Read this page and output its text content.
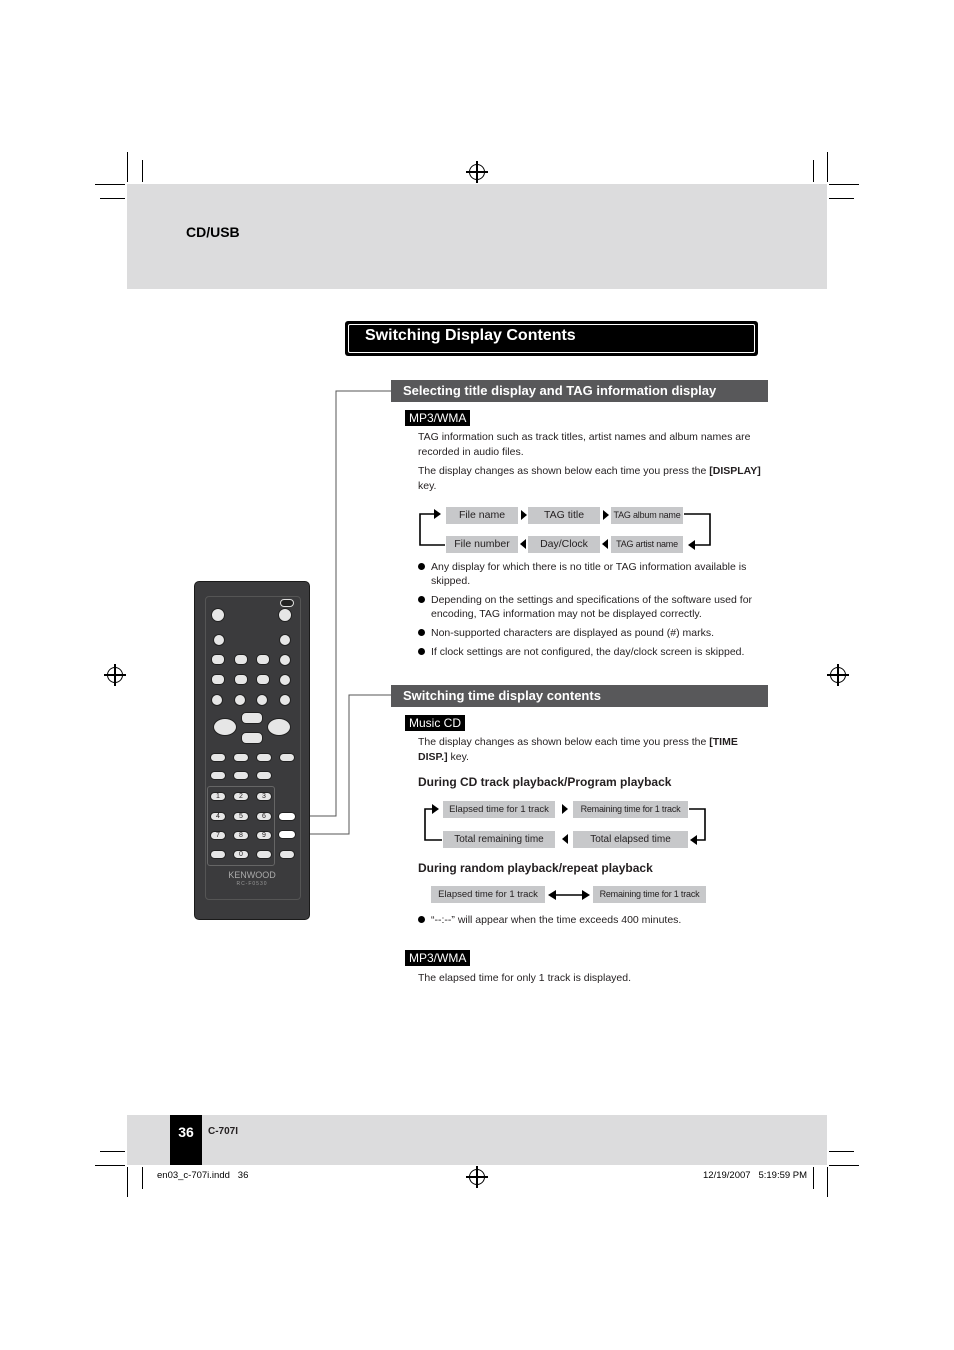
CD/USB
Switching Display Contents
Selecting title display and TAG information display
MP3/WMA
TAG information such as track titles, artist names and album names are recorded in audio files.
The display changes as shown below each time you press the [DISPLAY] key.
File name	TAG title	TAG album name
File number	Day/Clock	TAG artist name
Any display for which there is no title or TAG information available is skipped.
Depending on the settings and specifications of the software used for encoding, TAG information may not be displayed correctly.
Non-supported characters are displayed as pound (#) marks.
If clock settings are not configured, the day/clock screen is skipped.
Switching time display contents
Music CD
The display changes as shown below each time you press the [TIME DISP.] key.
During CD track playback/Program playback
Elapsed time for 1 track	Remaining time for 1 track
Total remaining time	Total elapsed time
During random playback/repeat playback
Elapsed time for 1 track	Remaining time for 1 track
“--:--” will appear when the time exceeds 400 minutes.
MP3/WMA
The elapsed time for only 1 track is displayed.
1	2	3
4	5	6
7	8	9
0
KENWOOD
RC-F0530
36	C-707I
en03_c-707i.indd   36	12/19/2007   5:19:59 PM
